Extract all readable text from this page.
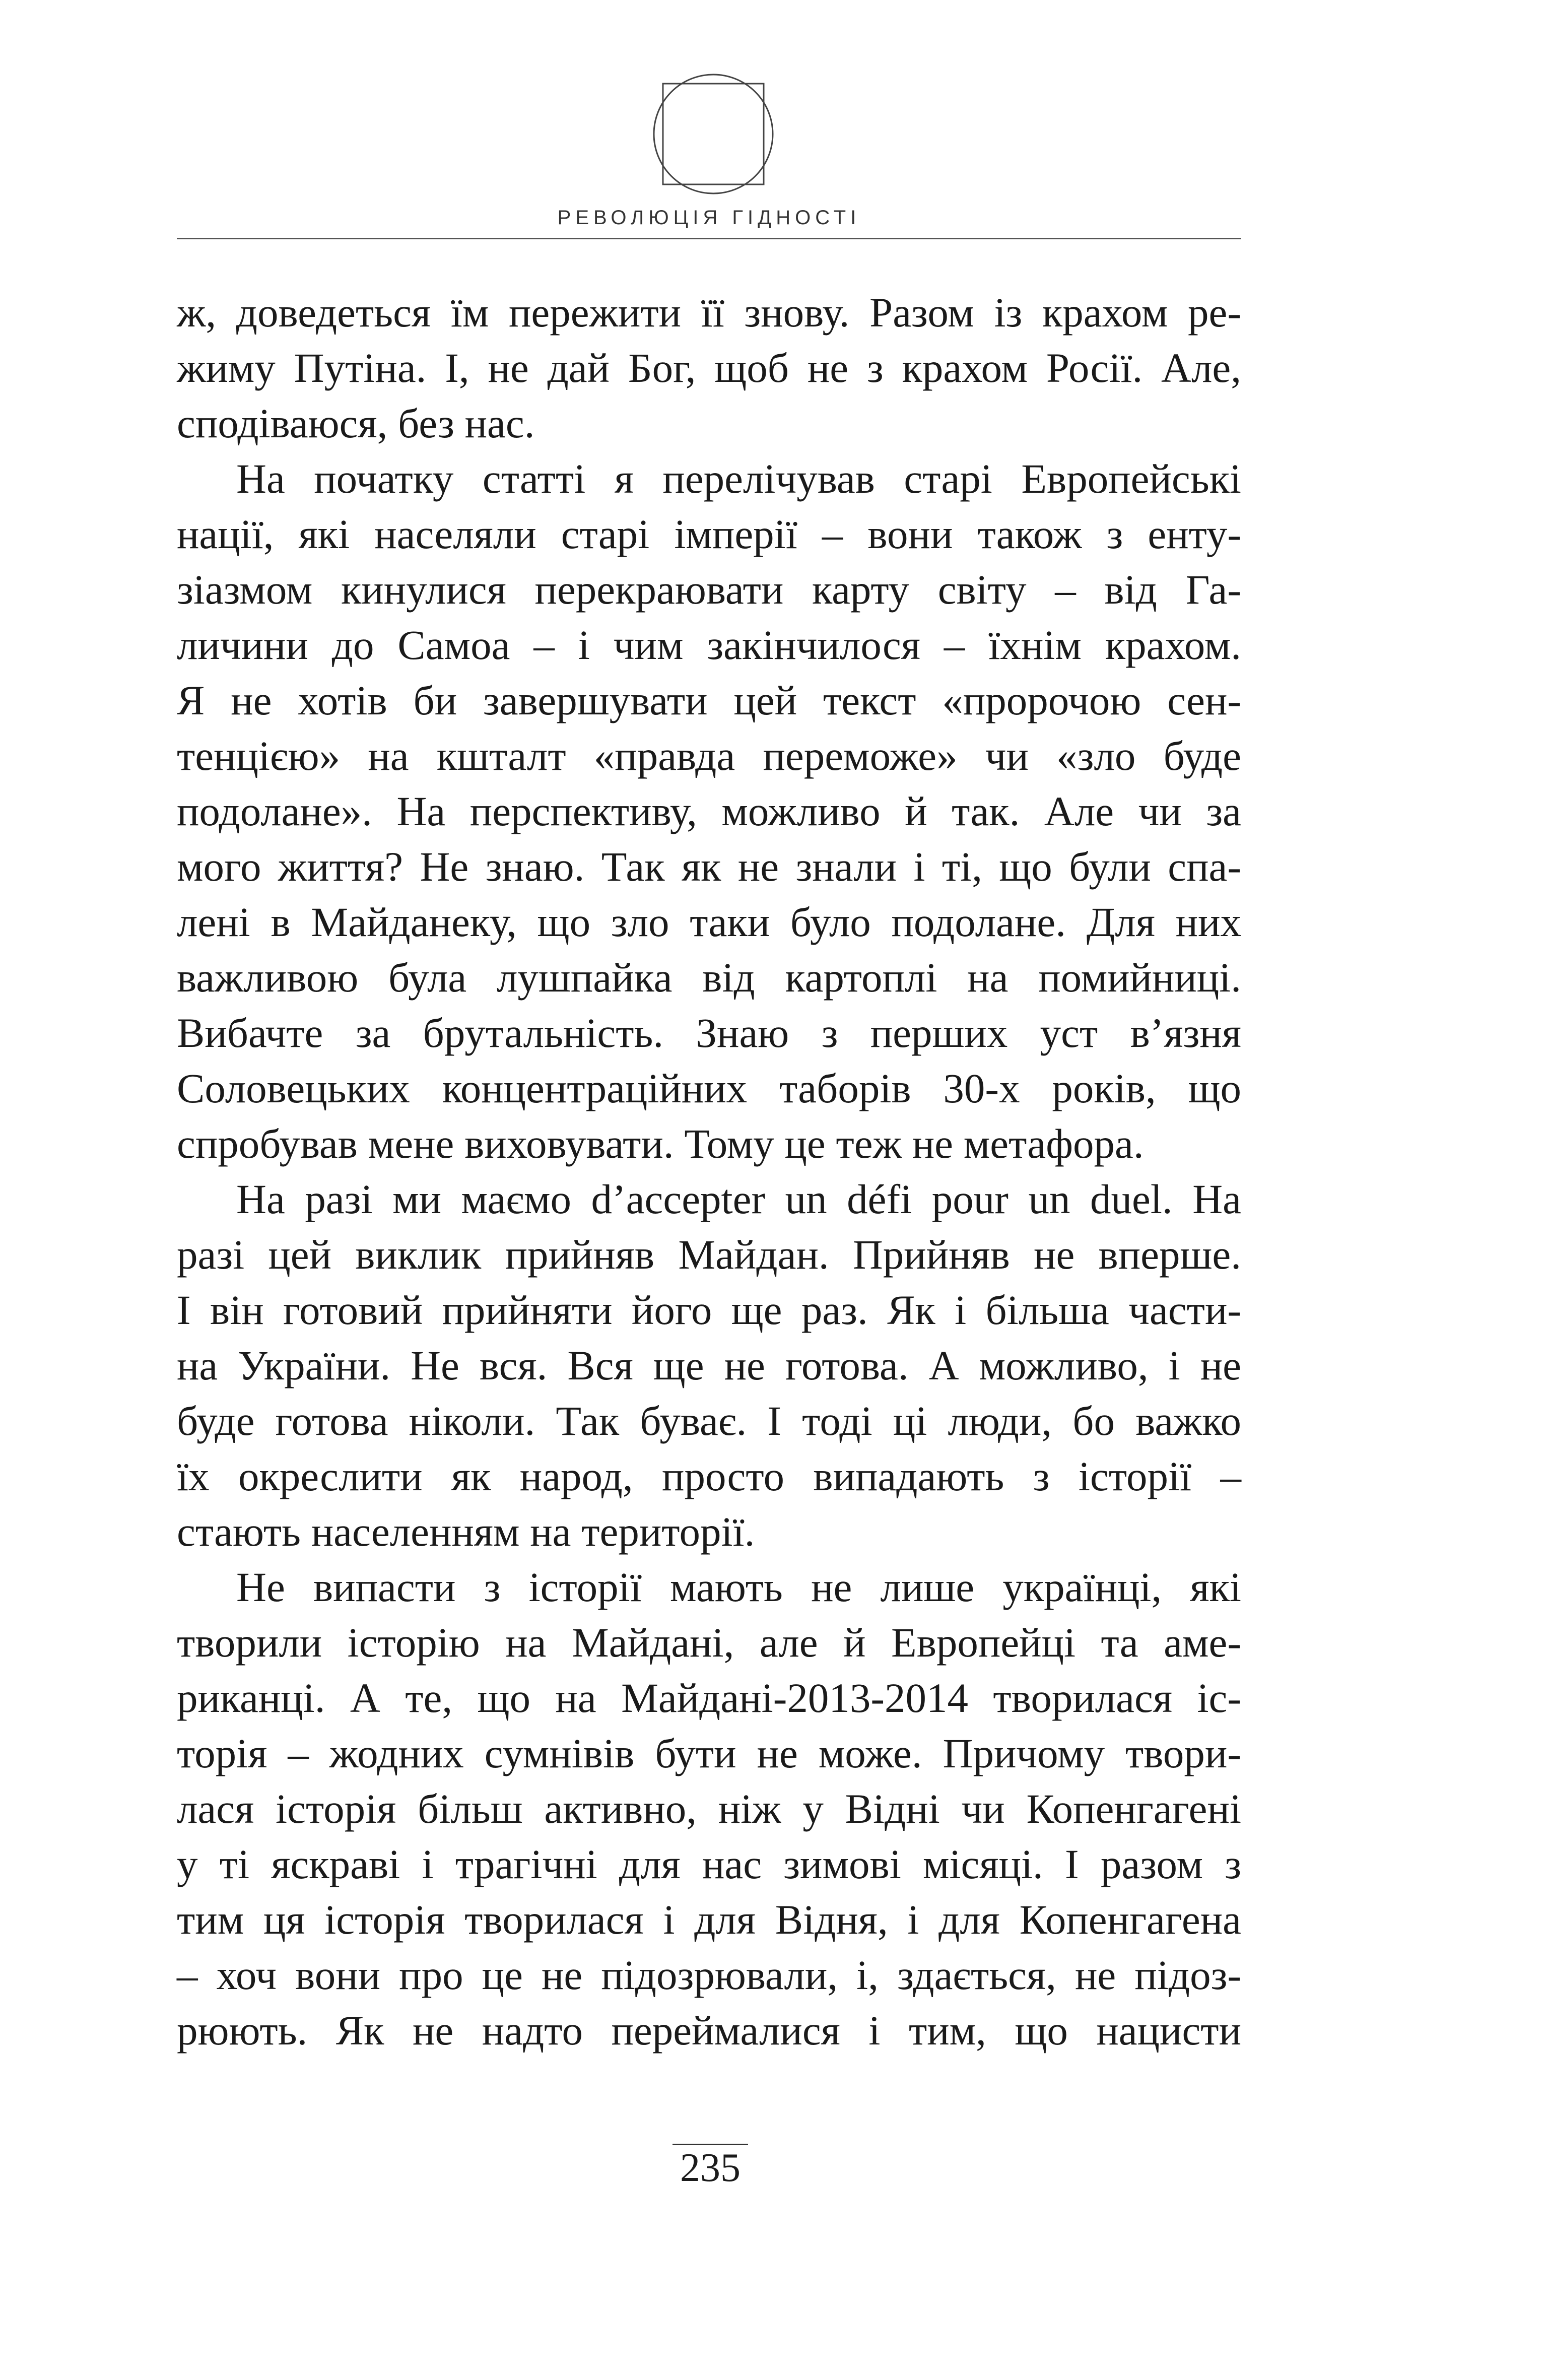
РЕВОЛЮЦІЯ ГІДНОСТІ
ж, доведеться їм пережити її знову. Разом із крахом ре-
жиму Путіна. І, не дай Бог, щоб не з крахом Росії. Але,
сподіваюся, без нас.
На початку статті я перелічував старі Европейські
нації, які населяли старі імперії – вони також з енту-
зіазмом кинулися перекраювати карту світу – від Га-
личини до Самоа – і чим закінчилося – їхнім крахом.
Я не хотів би завершувати цей текст «пророчою сен-
тенцією» на кшталт «правда переможе» чи «зло буде
подолане». На перспективу, можливо й так. Але чи за
мого життя? Не знаю. Так як не знали і ті, що були спа-
лені в Майданеку, що зло таки було подолане. Для них
важливою була лушпайка від картоплі на помийниці.
Вибачте за брутальність. Знаю з перших уст в’язня
Соловецьких концентраційних таборів 30-х років, що
спробував мене виховувати. Тому це теж не метафора.
На разі ми маємо d’accepter un défi pour un duel. На
разі цей виклик прийняв Майдан. Прийняв не вперше.
І він готовий прийняти його ще раз. Як і більша части-
на України. Не вся. Вся ще не готова. А можливо, і не
буде готова ніколи. Так буває. І тоді ці люди, бо важко
їх окреслити як народ, просто випадають з історії –
стають населенням на території.
Не випасти з історії мають не лише українці, які
творили історію на Майдані, але й Европейці та аме-
риканці. А те, що на Майдані-2013-2014 творилася іс-
торія – жодних сумнівів бути не може. Причому твори-
лася історія більш активно, ніж у Відні чи Копенгагені
у ті яскраві і трагічні для нас зимові місяці. І разом з
тим ця історія творилася і для Відня, і для Копенгагена
– хоч вони про це не підозрювали, і, здається, не підоз-
рюють. Як не надто переймалися і тим, що нацисти
235
